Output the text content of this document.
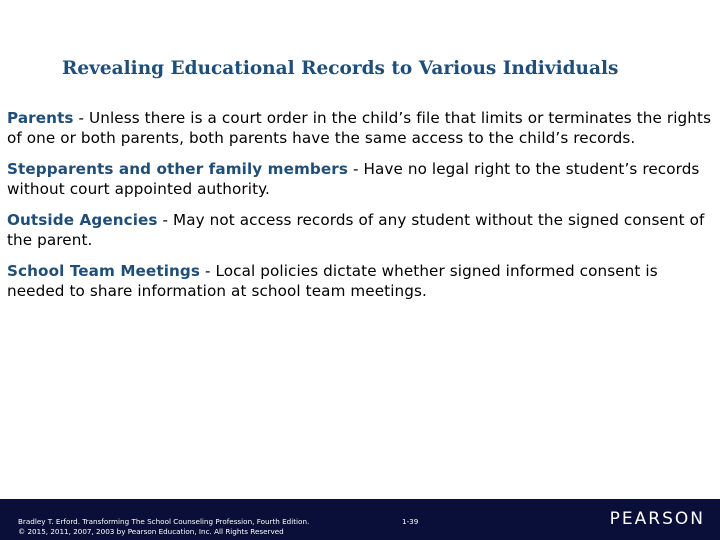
Revealing Educational Records to Various Individuals

Parents - Unless there is a court order in the child’s file that limits or terminates the rights of one or both parents, both parents have the same access to the child’s records.

Stepparents and other family members - Have no legal right to the student’s records without court appointed authority.

Outside Agencies - May not access records of any student without the signed consent of the parent.

School Team Meetings - Local policies dictate whether signed informed consent is needed to share information at school team meetings.

Bradley T. Erford. Transforming The School Counseling Profession, Fourth Edition.
© 2015, 2011, 2007, 2003 by Pearson Education, Inc. All Rights Reserved
1-39	PEARSON
